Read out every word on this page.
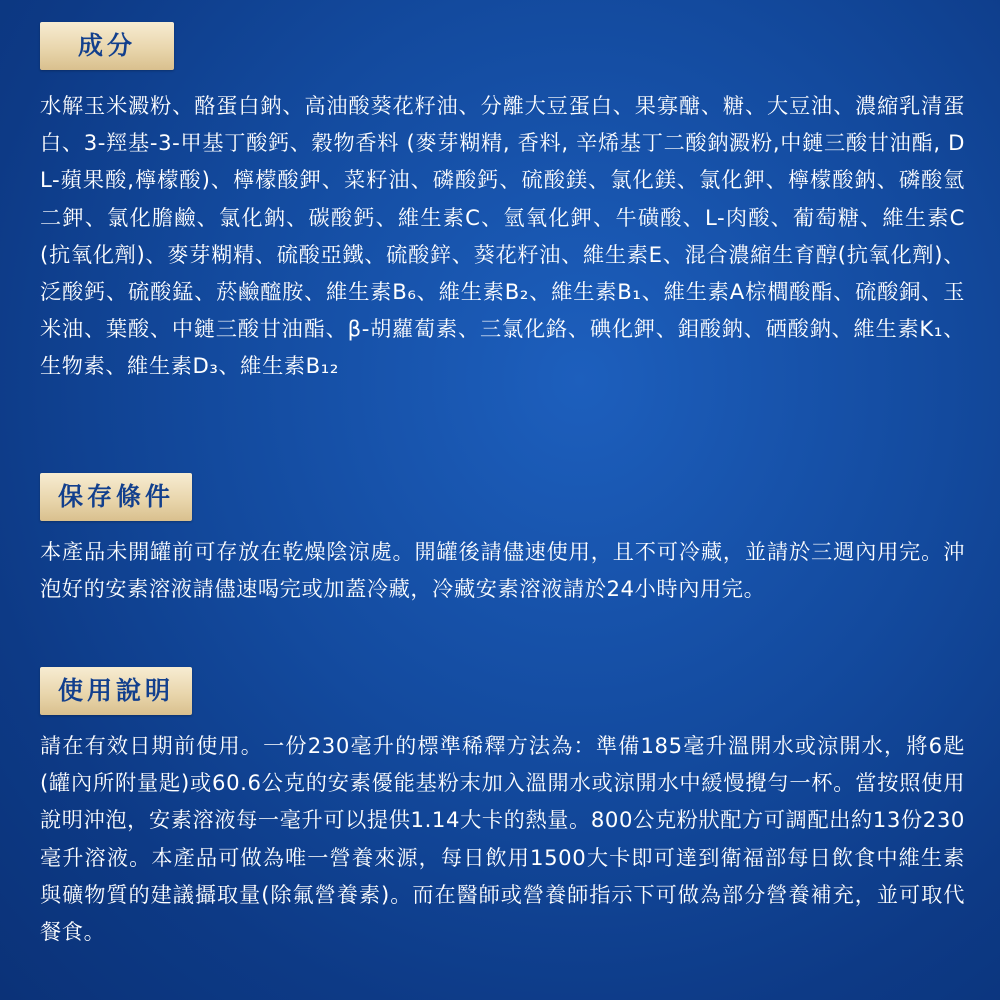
成分

水解玉米澱粉、酪蛋白鈉、高油酸葵花籽油、分離大豆蛋白、果寡醣、糖、大豆油、濃縮乳清蛋白、3-羥基-3-甲基丁酸鈣、穀物香料 (麥芽糊精, 香料, 辛烯基丁二酸鈉澱粉,中鏈三酸甘油酯, DL-蘋果酸,檸檬酸)、檸檬酸鉀、菜籽油、磷酸鈣、硫酸鎂、氯化鎂、氯化鉀、檸檬酸鈉、磷酸氫二鉀、氯化膽鹼、氯化鈉、碳酸鈣、維生素C、氫氧化鉀、牛磺酸、L-肉酸、葡萄糖、維生素C(抗氧化劑)、麥芽糊精、硫酸亞鐵、硫酸鋅、葵花籽油、維生素E、混合濃縮生育醇(抗氧化劑)、泛酸鈣、硫酸錳、菸鹼醯胺、維生素B₆、維生素B₂、維生素B₁、維生素A棕櫚酸酯、硫酸銅、玉米油、葉酸、中鏈三酸甘油酯、β-胡蘿蔔素、三氯化鉻、碘化鉀、鉬酸鈉、硒酸鈉、維生素K₁、生物素、維生素D₃、維生素B₁₂

保存條件

本產品未開罐前可存放在乾燥陰涼處。開罐後請儘速使用，且不可冷藏，並請於三週內用完。沖泡好的安素溶液請儘速喝完或加蓋冷藏，冷藏安素溶液請於24小時內用完。

使用說明

請在有效日期前使用。一份230毫升的標準稀釋方法為：準備185毫升溫開水或涼開水，將6匙(罐內所附量匙)或60.6公克的安素優能基粉末加入溫開水或涼開水中緩慢攪勻一杯。當按照使用說明沖泡，安素溶液每一毫升可以提供1.14大卡的熱量。800公克粉狀配方可調配出約13份230毫升溶液。本產品可做為唯一營養來源，每日飲用1500大卡即可達到衛福部每日飲食中維生素與礦物質的建議攝取量(除氟營養素)。而在醫師或營養師指示下可做為部分營養補充，並可取代餐食。
